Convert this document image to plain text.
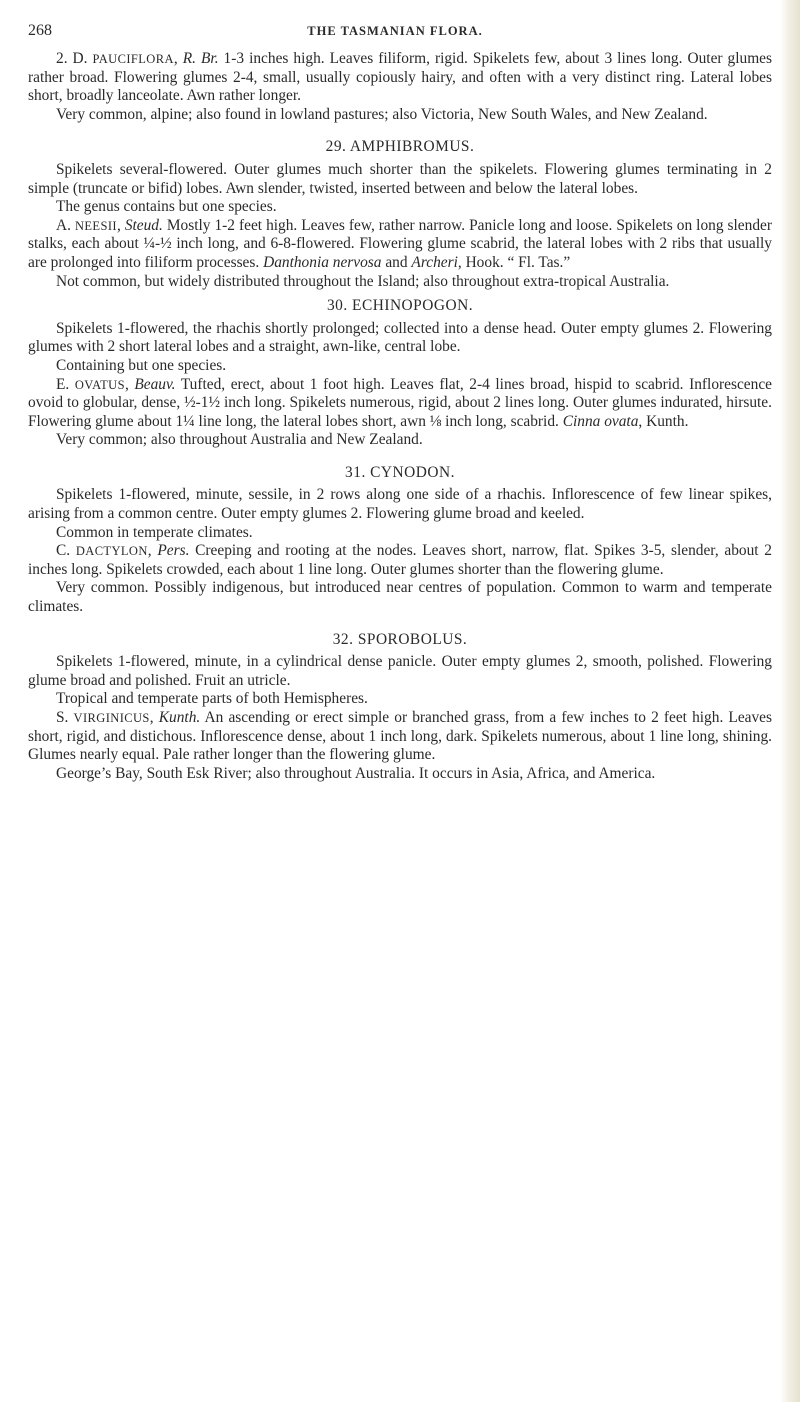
268	THE TASMANIAN FLORA.

2. D. PAUCIFLORA, R. Br. 1-3 inches high. Leaves filiform, rigid. Spikelets few, about 3 lines long. Outer glumes rather broad. Flowering glumes 2-4, small, usually copiously hairy, and often with a very distinct ring. Lateral lobes short, broadly lanceolate. Awn rather longer.

Very common, alpine; also found in lowland pastures; also Victoria, New South Wales, and New Zealand.

29. AMPHIBROMUS.

Spikelets several-flowered. Outer glumes much shorter than the spikelets. Flowering glumes terminating in 2 simple (truncate or bifid) lobes. Awn slender, twisted, inserted between and below the lateral lobes.

The genus contains but one species.

A. NEESII, Steud. Mostly 1-2 feet high. Leaves few, rather narrow. Panicle long and loose. Spikelets on long slender stalks, each about ¼-½ inch long, and 6-8-flowered. Flowering glume scabrid, the lateral lobes with 2 ribs that usually are prolonged into filiform processes. Danthonia nervosa and Archeri, Hook. “ Fl. Tas.”

Not common, but widely distributed throughout the Island; also throughout extra-tropical Australia.

30. ECHINOPOGON.

Spikelets 1-flowered, the rhachis shortly prolonged; collected into a dense head. Outer empty glumes 2. Flowering glumes with 2 short lateral lobes and a straight, awn-like, central lobe.

Containing but one species.

E. OVATUS, Beauv. Tufted, erect, about 1 foot high. Leaves flat, 2-4 lines broad, hispid to scabrid. Inflorescence ovoid to globular, dense, ½-1½ inch long. Spikelets numerous, rigid, about 2 lines long. Outer glumes indurated, hirsute. Flowering glume about 1¼ line long, the lateral lobes short, awn ⅛ inch long, scabrid. Cinna ovata, Kunth.

Very common; also throughout Australia and New Zealand.

31. CYNODON.

Spikelets 1-flowered, minute, sessile, in 2 rows along one side of a rhachis. Inflorescence of few linear spikes, arising from a common centre. Outer empty glumes 2. Flowering glume broad and keeled.

Common in temperate climates.

C. DACTYLON, Pers. Creeping and rooting at the nodes. Leaves short, narrow, flat. Spikes 3-5, slender, about 2 inches long. Spikelets crowded, each about 1 line long. Outer glumes shorter than the flowering glume.

Very common. Possibly indigenous, but introduced near centres of population. Common to warm and temperate climates.

32. SPOROBOLUS.

Spikelets 1-flowered, minute, in a cylindrical dense panicle. Outer empty glumes 2, smooth, polished. Flowering glume broad and polished. Fruit an utricle.

Tropical and temperate parts of both Hemispheres.

S. VIRGINICUS, Kunth. An ascending or erect simple or branched grass, from a few inches to 2 feet high. Leaves short, rigid, and distichous. Inflorescence dense, about 1 inch long, dark. Spikelets numerous, about 1 line long, shining. Glumes nearly equal. Pale rather longer than the flowering glume.

George’s Bay, South Esk River; also throughout Australia. It occurs in Asia, Africa, and America.
